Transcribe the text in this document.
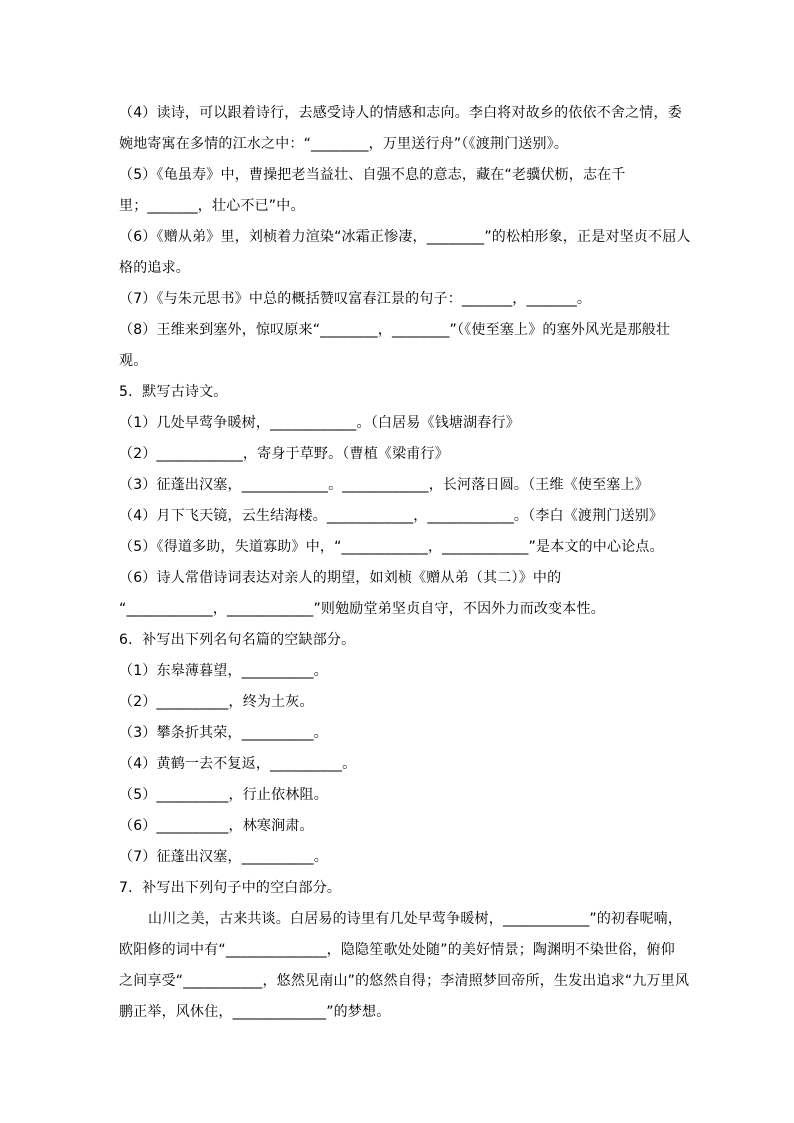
（4）读诗，可以跟着诗行，去感受诗人的情感和志向。李白将对故乡的依依不舍之情，委
婉地寄寓在多情的江水之中：“________，万里送行舟”（《渡荆门送别》。
（5）《龟虽寿》中，曹操把老当益壮、自强不息的意志，藏在“老骥伏枥，志在千
里；_______，壮心不已”中。
（6）《赠从弟》里，刘桢着力渲染“冰霜正惨凄，________”的松柏形象，正是对坚贞不屈人
格的追求。
（7）《与朱元思书》中总的概括赞叹富春江景的句子：_______，_______。
（8）王维来到塞外，惊叹原来“________，________”（《使至塞上》的塞外风光是那般壮
观。
5．默写古诗文。
（1）几处早莺争暖树，____________。（白居易《钱塘湖春行》
（2）____________，寄身于草野。（曹植《梁甫行》
（3）征蓬出汉塞，____________。____________，长河落日圆。（王维《使至塞上》
（4）月下飞天镜，云生结海楼。____________，____________。（李白《渡荆门送别》
（5）《得道多助，失道寡助》中，“____________，____________”是本文的中心论点。
（6）诗人常借诗词表达对亲人的期望，如刘桢《赠从弟（其二）》中的
“____________，____________”则勉励堂弟坚贞自守，不因外力而改变本性。
6．补写出下列名句名篇的空缺部分。
（1）东皋薄暮望，__________。
（2）__________，终为土灰。
（3）攀条折其荣，__________。
（4）黄鹤一去不复返，__________。
（5）__________，行止依林阻。
（6）__________，林寒涧肃。
（7）征蓬出汉塞，__________。
7．补写出下列句子中的空白部分。
山川之美，古来共谈。白居易的诗里有几处早莺争暖树，____________”的初春呢喃，
欧阳修的词中有“______________，隐隐笙歌处处随”的美好情景；陶渊明不染世俗，俯仰
之间享受“___________，悠然见南山”的悠然自得；李清照梦回帝所，生发出追求“九万里风
鹏正举，风休住，_____________”的梦想。
